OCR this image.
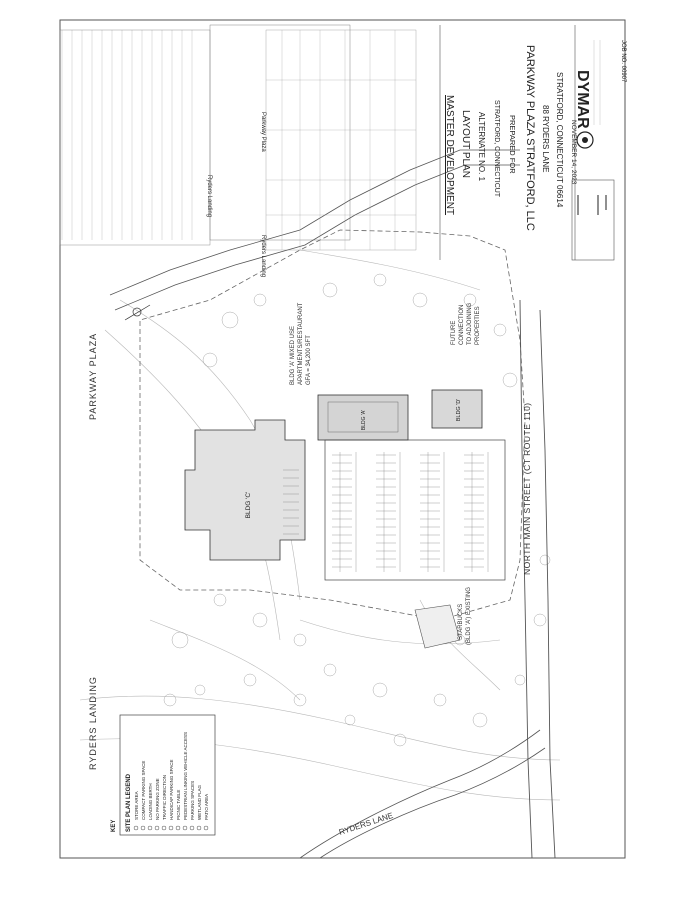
PARKWAY PLAZA
NORTH MAIN STREET (CT ROUTE 110)
RYDERS LANE
RYDERS LANDING
BLDG 'C'
BLDG 'A'
BLDG 'A' MIXED USE APARTMENTS/RESTAURANT GFA = 34,200 SFT
BLDG 'D'
FUTURE CONNECTION TO ADJOINING PROPERTIES
STARBUCKS (BLDG 'A') EXISTING
SITE PLAN LEGEND
KEY
STORE AREA COMPACT PARKING SPACE LOADING BERTH NO PARKING ZONE TRAFFIC DIRECTION HANDICAP PARKING SPACE PICNIC TABLE PEDESTRIAN LINKING VEHICLE ACCESS PARKING SPACES WETLAND FLAG PATIO AREA
Ryders Landing
Ryders Landing
Parkway Plaza	MASTER DEVELOPMENT LAYOUT PLAN ALTERNATE NO. 1 STRATFORD, CONNECTICUT PREPARED FOR PARKWAY PLAZA STRATFORD, LLC 88 RYDERS LANE STRATFORD, CONNECTICUT 06614 NOVEMBER 14, 2023
DYMAR
JOB NO. 00907
